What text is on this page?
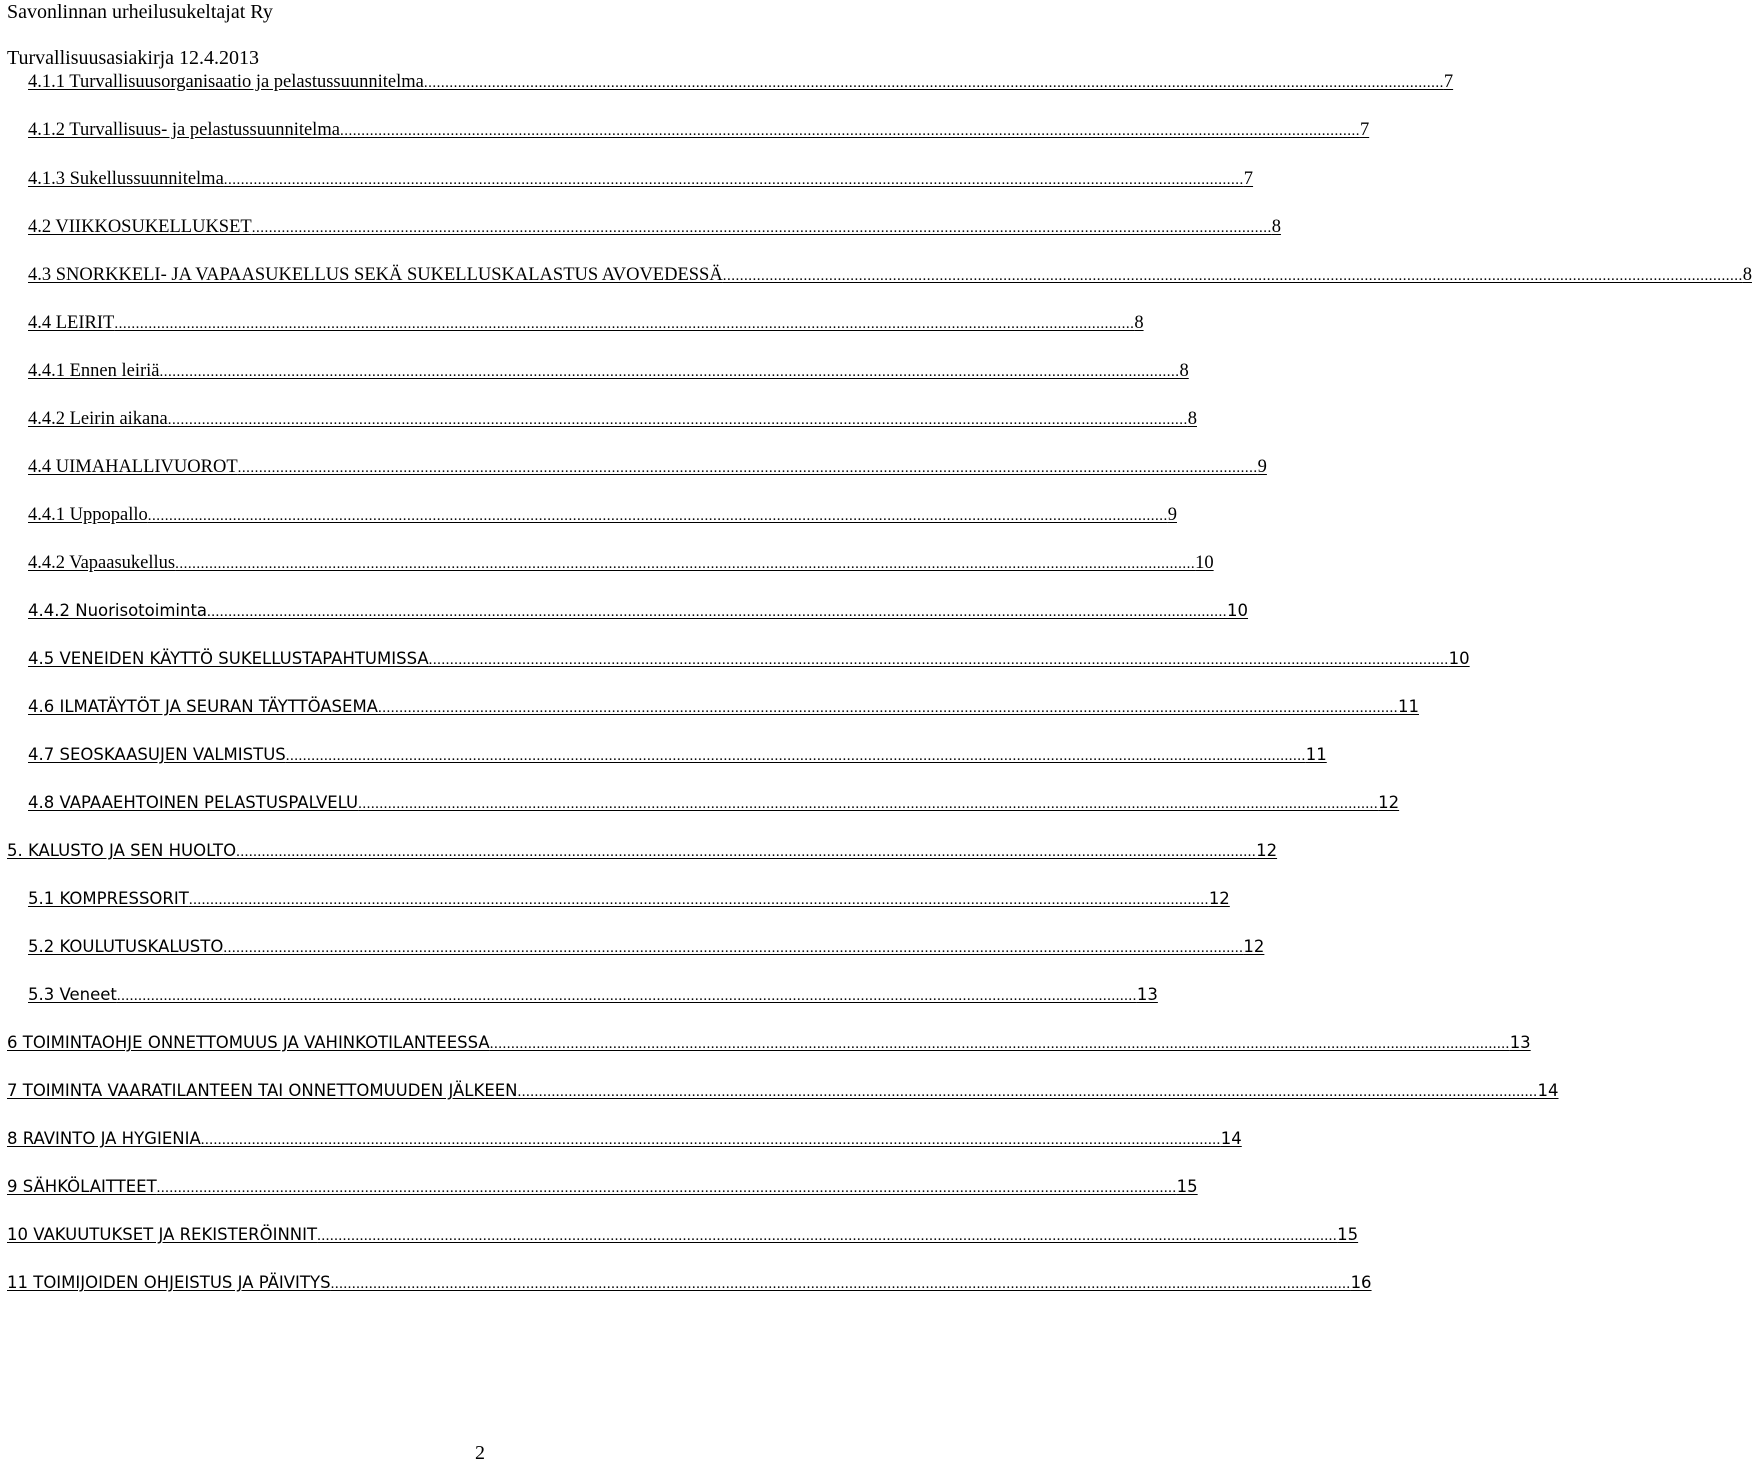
Savonlinnan urheilusukeltajat Ry
Turvallisuusasiakirja 12.4.2013
4.1.1 Turvallisuusorganisaatio ja pelastussuunnitelma ................................................................................................................................................................................................................................................ 7
4.1.2 Turvallisuus- ja pelastussuunnitelma ................................................................................................................................................................................................................................................ 7
4.1.3 Sukellussuunnitelma ................................................................................................................................................................................................................................................ 7
4.2 VIIKKOSUKELLUKSET ................................................................................................................................................................................................................................................ 8
4.3 SNORKKELI- JA VAPAASUKELLUS SEKÄ SUKELLUSKALASTUS AVOVEDESSÄ ................................................................................................................................................................................................................................................ 8
4.4 LEIRIT ................................................................................................................................................................................................................................................ 8
4.4.1 Ennen leiriä ................................................................................................................................................................................................................................................ 8
4.4.2 Leirin aikana ................................................................................................................................................................................................................................................ 8
4.4 UIMAHALLIVUOROT ................................................................................................................................................................................................................................................ 9
4.4.1 Uppopallo ................................................................................................................................................................................................................................................ 9
4.4.2 Vapaasukellus ................................................................................................................................................................................................................................................ 10
4.4.2 Nuorisotoiminta ................................................................................................................................................................................................................................................ 10
4.5 VENEIDEN KÄYTTÖ SUKELLUSTAPAHTUMISSA ................................................................................................................................................................................................................................................ 10
4.6 ILMATÄYTÖT JA SEURAN TÄYTTÖASEMA ................................................................................................................................................................................................................................................ 11
4.7 SEOSKAASUJEN VALMISTUS ................................................................................................................................................................................................................................................ 11
4.8 VAPAAEHTOINEN PELASTUSPALVELU ................................................................................................................................................................................................................................................ 12
5. KALUSTO JA SEN HUOLTO ................................................................................................................................................................................................................................................ 12
5.1 KOMPRESSORIT ................................................................................................................................................................................................................................................ 12
5.2 KOULUTUSKALUSTO ................................................................................................................................................................................................................................................ 12
5.3 Veneet ................................................................................................................................................................................................................................................ 13
6 TOIMINTAOHJE ONNETTOMUUS JA VAHINKOTILANTEESSA ................................................................................................................................................................................................................................................ 13
7 TOIMINTA VAARATILANTEEN TAI ONNETTOMUUDEN JÄLKEEN ................................................................................................................................................................................................................................................ 14
8 RAVINTO JA HYGIENIA ................................................................................................................................................................................................................................................ 14
9 SÄHKÖLAITTEET ................................................................................................................................................................................................................................................ 15
10 VAKUUTUKSET JA REKISTERÖINNIT ................................................................................................................................................................................................................................................ 15
11 TOIMIJOIDEN OHJEISTUS JA PÄIVITYS ................................................................................................................................................................................................................................................ 16
2
